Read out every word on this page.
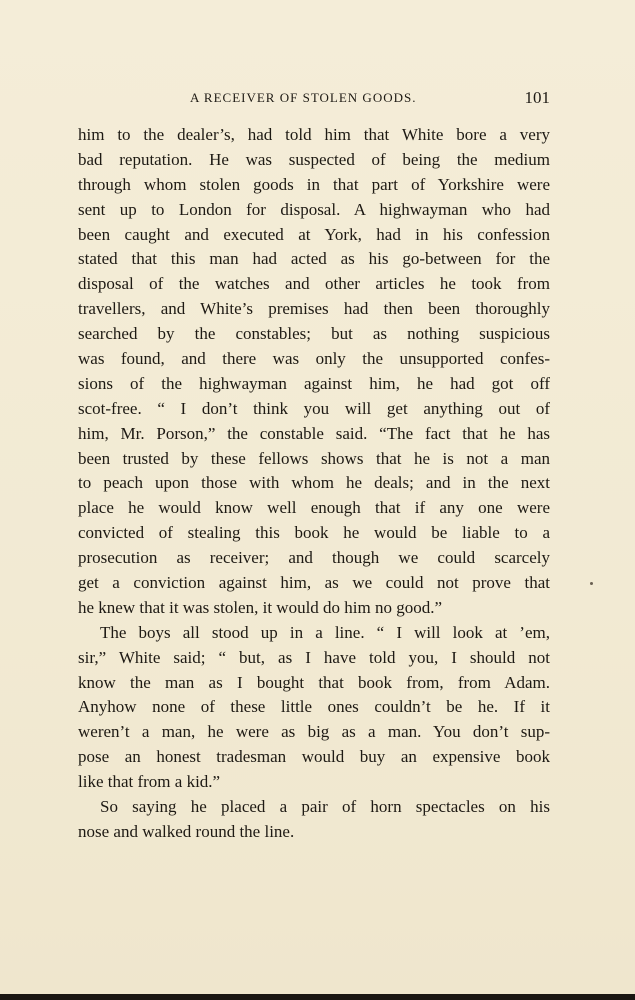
A RECEIVER OF STOLEN GOODS.	101
him to the dealer’s, had told him that White bore a very
bad reputation. He was suspected of being the medium
through whom stolen goods in that part of Yorkshire were
sent up to London for disposal. A highwayman who had
been caught and executed at York, had in his confession
stated that this man had acted as his go-between for the
disposal of the watches and other articles he took from
travellers, and White’s premises had then been thoroughly
searched by the constables; but as nothing suspicious
was found, and there was only the unsupported confes-
sions of the highwayman against him, he had got off
scot-free. “ I don’t think you will get anything out of
him, Mr. Porson,” the constable said. “The fact that he has
been trusted by these fellows shows that he is not a man
to peach upon those with whom he deals; and in the next
place he would know well enough that if any one were
convicted of stealing this book he would be liable to a
prosecution as receiver; and though we could scarcely
get a conviction against him, as we could not prove that
he knew that it was stolen, it would do him no good.”
The boys all stood up in a line. “ I will look at ’em,
sir,” White said; “ but, as I have told you, I should not
know the man as I bought that book from, from Adam.
Anyhow none of these little ones couldn’t be he. If it
weren’t a man, he were as big as a man. You don’t sup-
pose an honest tradesman would buy an expensive book
like that from a kid.”
So saying he placed a pair of horn spectacles on his
nose and walked round the line.
